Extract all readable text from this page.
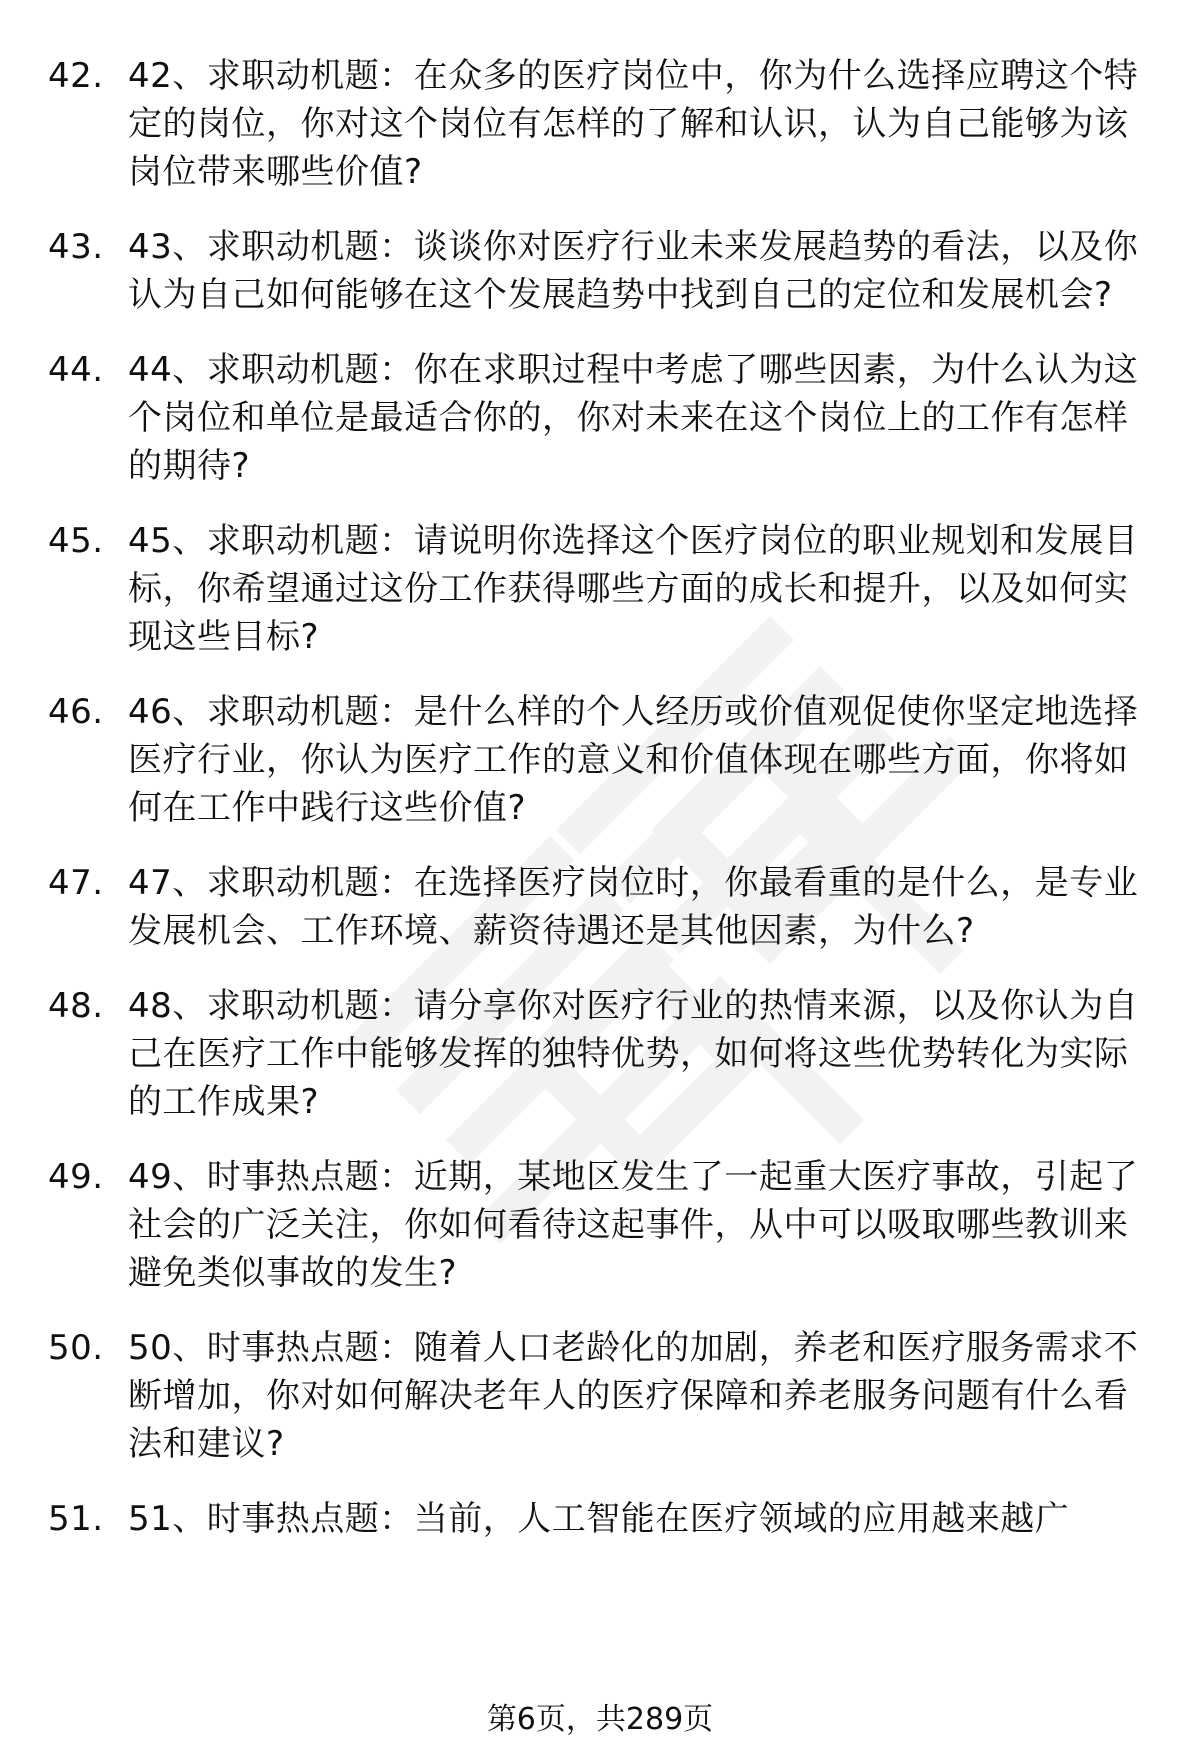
42. 42、求职动机题：在众多的医疗岗位中，你为什么选择应聘这个特定的岗位，你对这个岗位有怎样的了解和认识，认为自己能够为该岗位带来哪些价值?
43. 43、求职动机题：谈谈你对医疗行业未来发展趋势的看法，以及你认为自己如何能够在这个发展趋势中找到自己的定位和发展机会?
44. 44、求职动机题：你在求职过程中考虑了哪些因素，为什么认为这个岗位和单位是最适合你的，你对未来在这个岗位上的工作有怎样的期待?
45. 45、求职动机题：请说明你选择这个医疗岗位的职业规划和发展目标，你希望通过这份工作获得哪些方面的成长和提升，以及如何实现这些目标?
46. 46、求职动机题：是什么样的个人经历或价值观促使你坚定地选择医疗行业，你认为医疗工作的意义和价值体现在哪些方面，你将如何在工作中践行这些价值?
47. 47、求职动机题：在选择医疗岗位时，你最看重的是什么，是专业发展机会、工作环境、薪资待遇还是其他因素，为什么?
48. 48、求职动机题：请分享你对医疗行业的热情来源，以及你认为自己在医疗工作中能够发挥的独特优势，如何将这些优势转化为实际的工作成果?
49. 49、时事热点题：近期，某地区发生了一起重大医疗事故，引起了社会的广泛关注，你如何看待这起事件，从中可以吸取哪些教训来避免类似事故的发生?
50. 50、时事热点题：随着人口老龄化的加剧，养老和医疗服务需求不断增加，你对如何解决老年人的医疗保障和养老服务问题有什么看法和建议?
51. 51、时事热点题：当前，人工智能在医疗领域的应用越来越广
第6页，共289页
